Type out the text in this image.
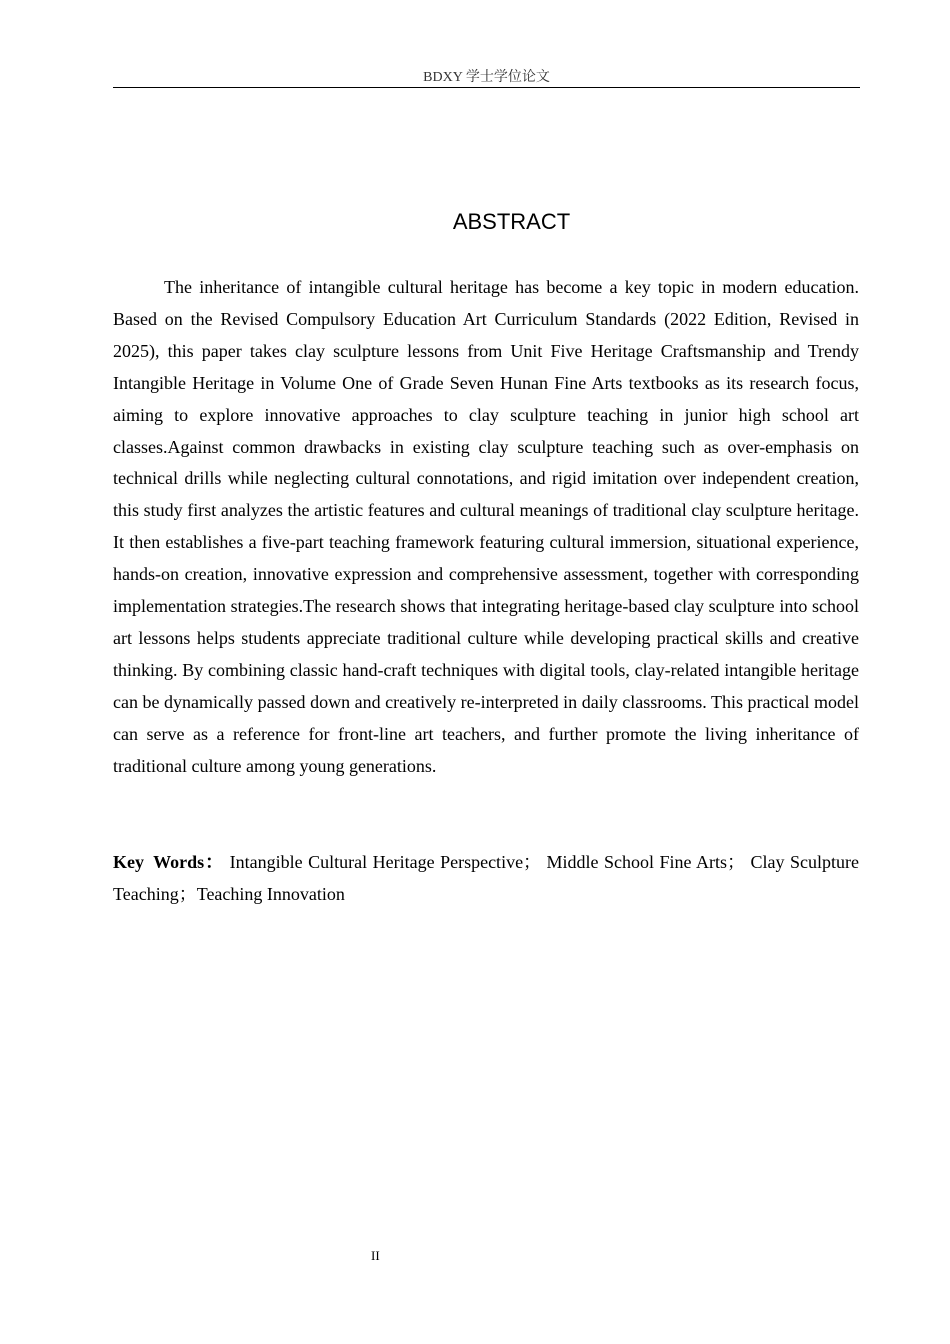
BDXY 学士学位论文
ABSTRACT

The inheritance of intangible cultural heritage has become a key topic in modern education. Based on the Revised Compulsory Education Art Curriculum Standards (2022 Edition, Revised in 2025), this paper takes clay sculpture lessons from Unit Five Heritage Craftsmanship and Trendy Intangible Heritage in Volume One of Grade Seven Hunan Fine Arts textbooks as its research focus, aiming to explore innovative approaches to clay sculpture teaching in junior high school art classes.Against common drawbacks in existing clay sculpture teaching such as over-emphasis on technical drills while neglecting cultural connotations, and rigid imitation over independent creation, this study first analyzes the artistic features and cultural meanings of traditional clay sculpture heritage. It then establishes a five-part teaching framework featuring cultural immersion, situational experience, hands-on creation, innovative expression and comprehensive assessment, together with corresponding implementation strategies.The research shows that integrating heritage-based clay sculpture into school art lessons helps students appreciate traditional culture while developing practical skills and creative thinking. By combining classic hand-craft techniques with digital tools, clay-related intangible heritage can be dynamically passed down and creatively re-interpreted in daily classrooms. This practical model can serve as a reference for front-line art teachers, and further promote the living inheritance of traditional culture among young generations.

Key Words： Intangible Cultural Heritage Perspective； Middle School Fine Arts； Clay Sculpture Teaching；Teaching Innovation

II
